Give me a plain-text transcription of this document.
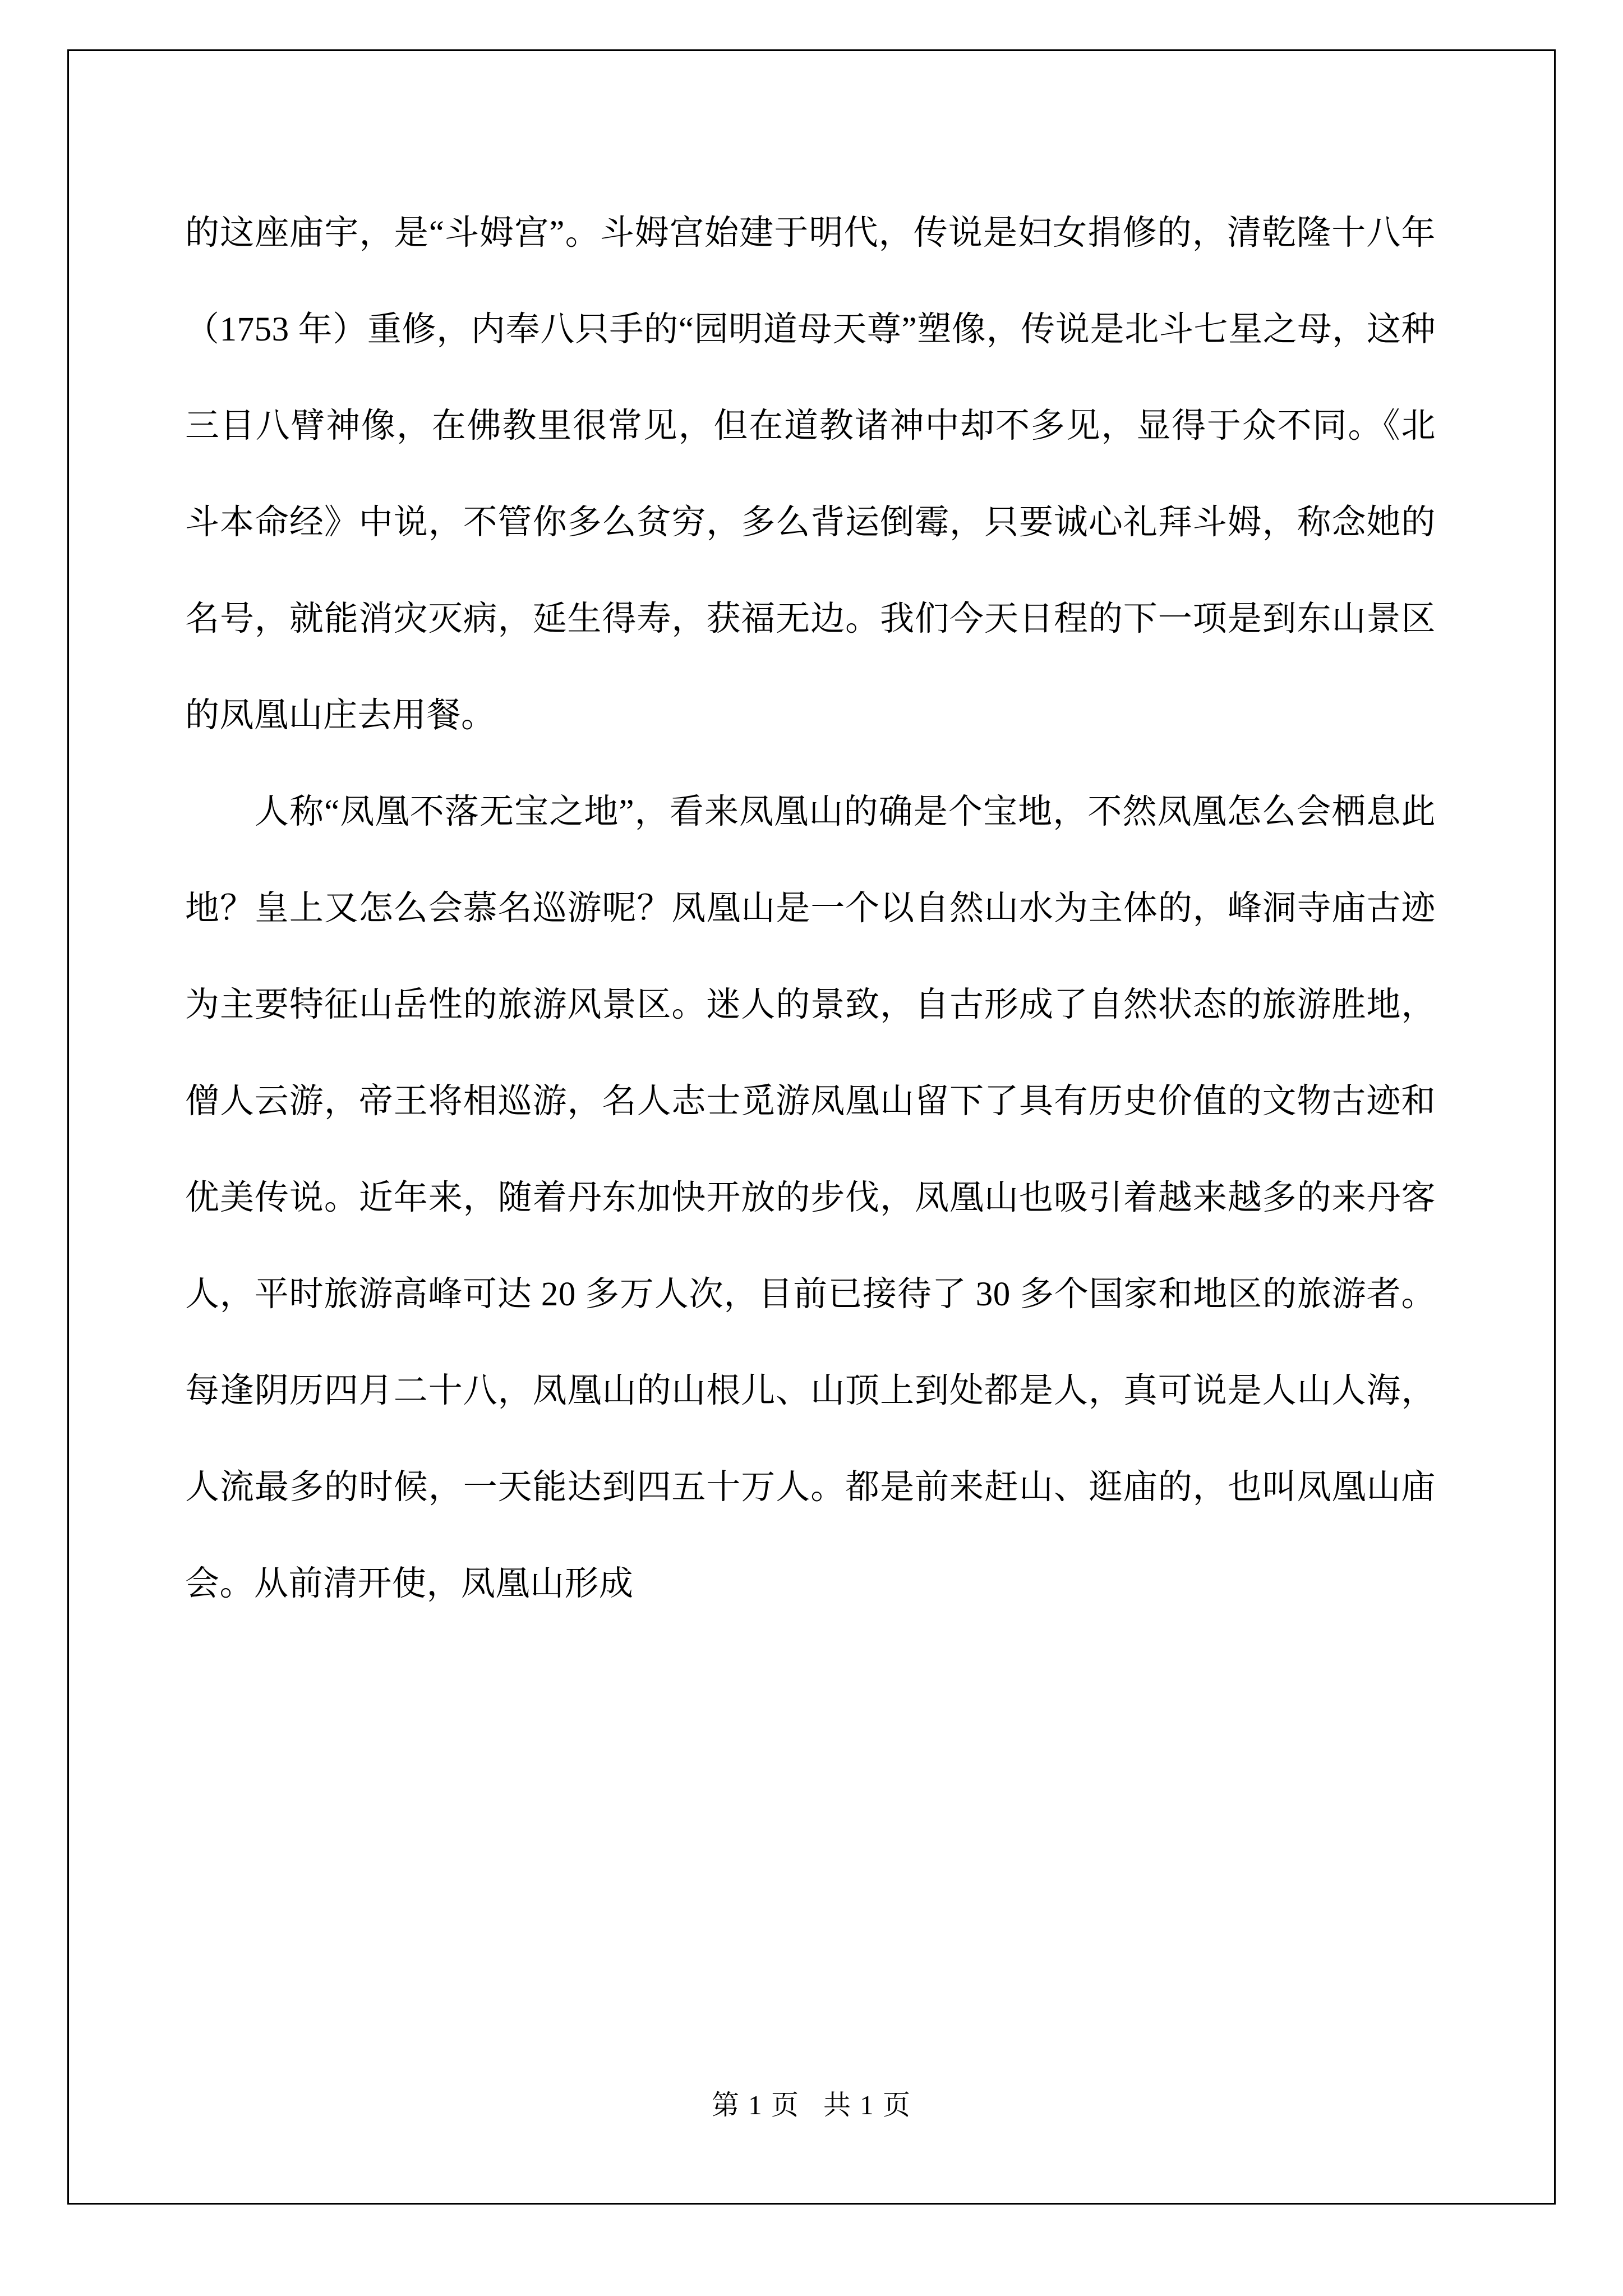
的这座庙宇，是“斗姆宫”。斗姆宫始建于明代，传说是妇女捐修的，清乾隆十八年（1753 年）重修，内奉八只手的“园明道母天尊”塑像，传说是北斗七星之母，这种三目八臂神像，在佛教里很常见，但在道教诸神中却不多见，显得于众不同。《北斗本命经》中说，不管你多么贫穷，多么背运倒霉，只要诚心礼拜斗姆，称念她的名号，就能消灾灭病，延生得寿，获福无边。我们今天日程的下一项是到东山景区的凤凰山庄去用餐。

人称“凤凰不落无宝之地”，看来凤凰山的确是个宝地，不然凤凰怎么会栖息此地？皇上又怎么会慕名巡游呢？凤凰山是一个以自然山水为主体的，峰洞寺庙古迹为主要特征山岳性的旅游风景区。迷人的景致，自古形成了自然状态的旅游胜地，僧人云游，帝王将相巡游，名人志士觅游凤凰山留下了具有历史价值的文物古迹和优美传说。近年来，随着丹东加快开放的步伐，凤凰山也吸引着越来越多的来丹客人，平时旅游高峰可达 20 多万人次，目前已接待了 30 多个国家和地区的旅游者。每逢阴历四月二十八，凤凰山的山根儿、山顶上到处都是人，真可说是人山人海，人流最多的时候，一天能达到四五十万人。都是前来赶山、逛庙的，也叫凤凰山庙会。从前清开使，凤凰山形成

第 1 页 共 1 页
